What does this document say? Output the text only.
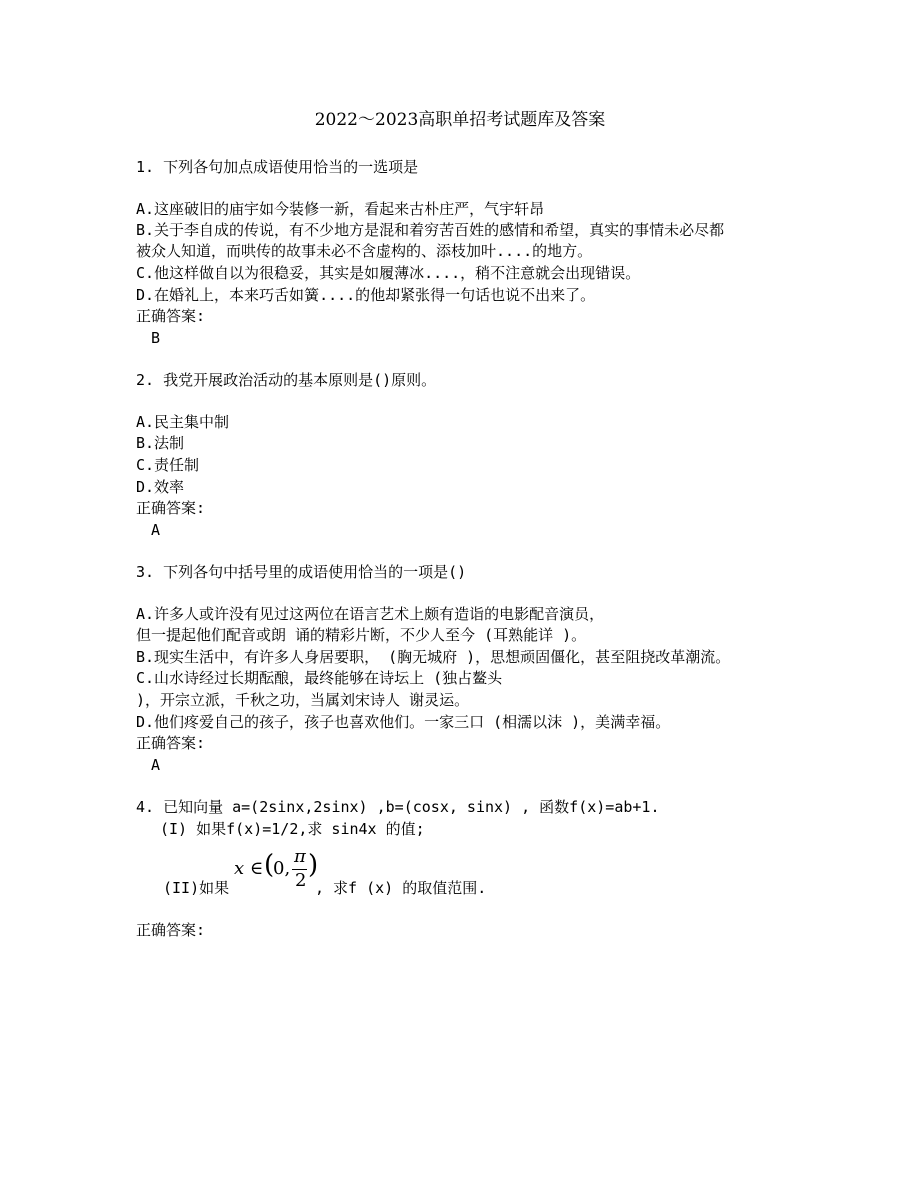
2022～2023高职单招考试题库及答案
1. 下列各句加点成语使用恰当的一选项是
A.这座破旧的庙宇如今装修一新，看起来古朴庄严，气宇轩昂
B.关于李自成的传说，有不少地方是混和着穷苦百姓的感情和希望，真实的事情未必尽都
被众人知道，而哄传的故事未必不含虚构的、添枝加叶....的地方。
C.他这样做自以为很稳妥，其实是如履薄冰....，稍不注意就会出现错误。
D.在婚礼上，本来巧舌如簧....的他却紧张得一句话也说不出来了。
正确答案:
B
2. 我党开展政治活动的基本原则是()原则。
A.民主集中制
B.法制
C.责任制
D.效率
正确答案:
A
3. 下列各句中括号里的成语使用恰当的一项是()
A.许多人或许没有见过这两位在语言艺术上颇有造诣的电影配音演员，
但一提起他们配音或朗 诵的精彩片断，不少人至今 (耳熟能详 )。
B.现实生活中，有许多人身居要职， (胸无城府 )，思想顽固僵化，甚至阻挠改革潮流。
C.山水诗经过长期酝酿，最终能够在诗坛上 (独占鳌头
)，开宗立派，千秋之功，当属刘宋诗人 谢灵运。
D.他们疼爱自己的孩子，孩子也喜欢他们。一家三口 (相濡以沫 )，美满幸福。
正确答案:
A
4. 已知向量 a=(2sinx,2sinx) ,b=(cosx, sinx) , 函数f(x)=ab+1.
(I) 如果f(x)=1/2,求 sin4x 的值;
x ∈ (
0,
π
2
)
(II)如果	, 求f (x) 的取值范围.
正确答案:
